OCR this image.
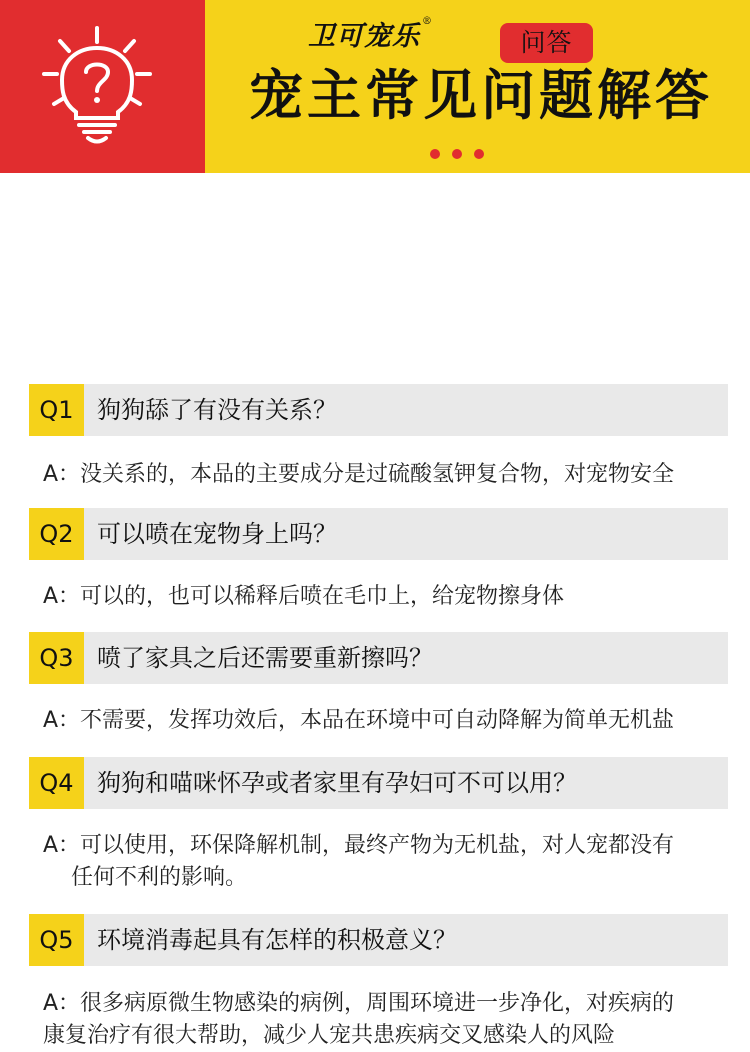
卫可宠乐 ®
问答
宠主常见问题解答
Q1 狗狗舔了有没有关系？
A：没关系的，本品的主要成分是过硫酸氢钾复合物，对宠物安全
Q2 可以喷在宠物身上吗？
A：可以的，也可以稀释后喷在毛巾上，给宠物擦身体
Q3 喷了家具之后还需要重新擦吗？
A：不需要，发挥功效后，本品在环境中可自动降解为简单无机盐
Q4 狗狗和喵咪怀孕或者家里有孕妇可不可以用？
A：可以使用，环保降解机制，最终产物为无机盐，对人宠都没有
任何不利的影响。
Q5 环境消毒起具有怎样的积极意义？
A：很多病原微生物感染的病例，周围环境进一步净化，对疾病的
康复治疗有很大帮助，减少人宠共患疾病交叉感染人的风险
